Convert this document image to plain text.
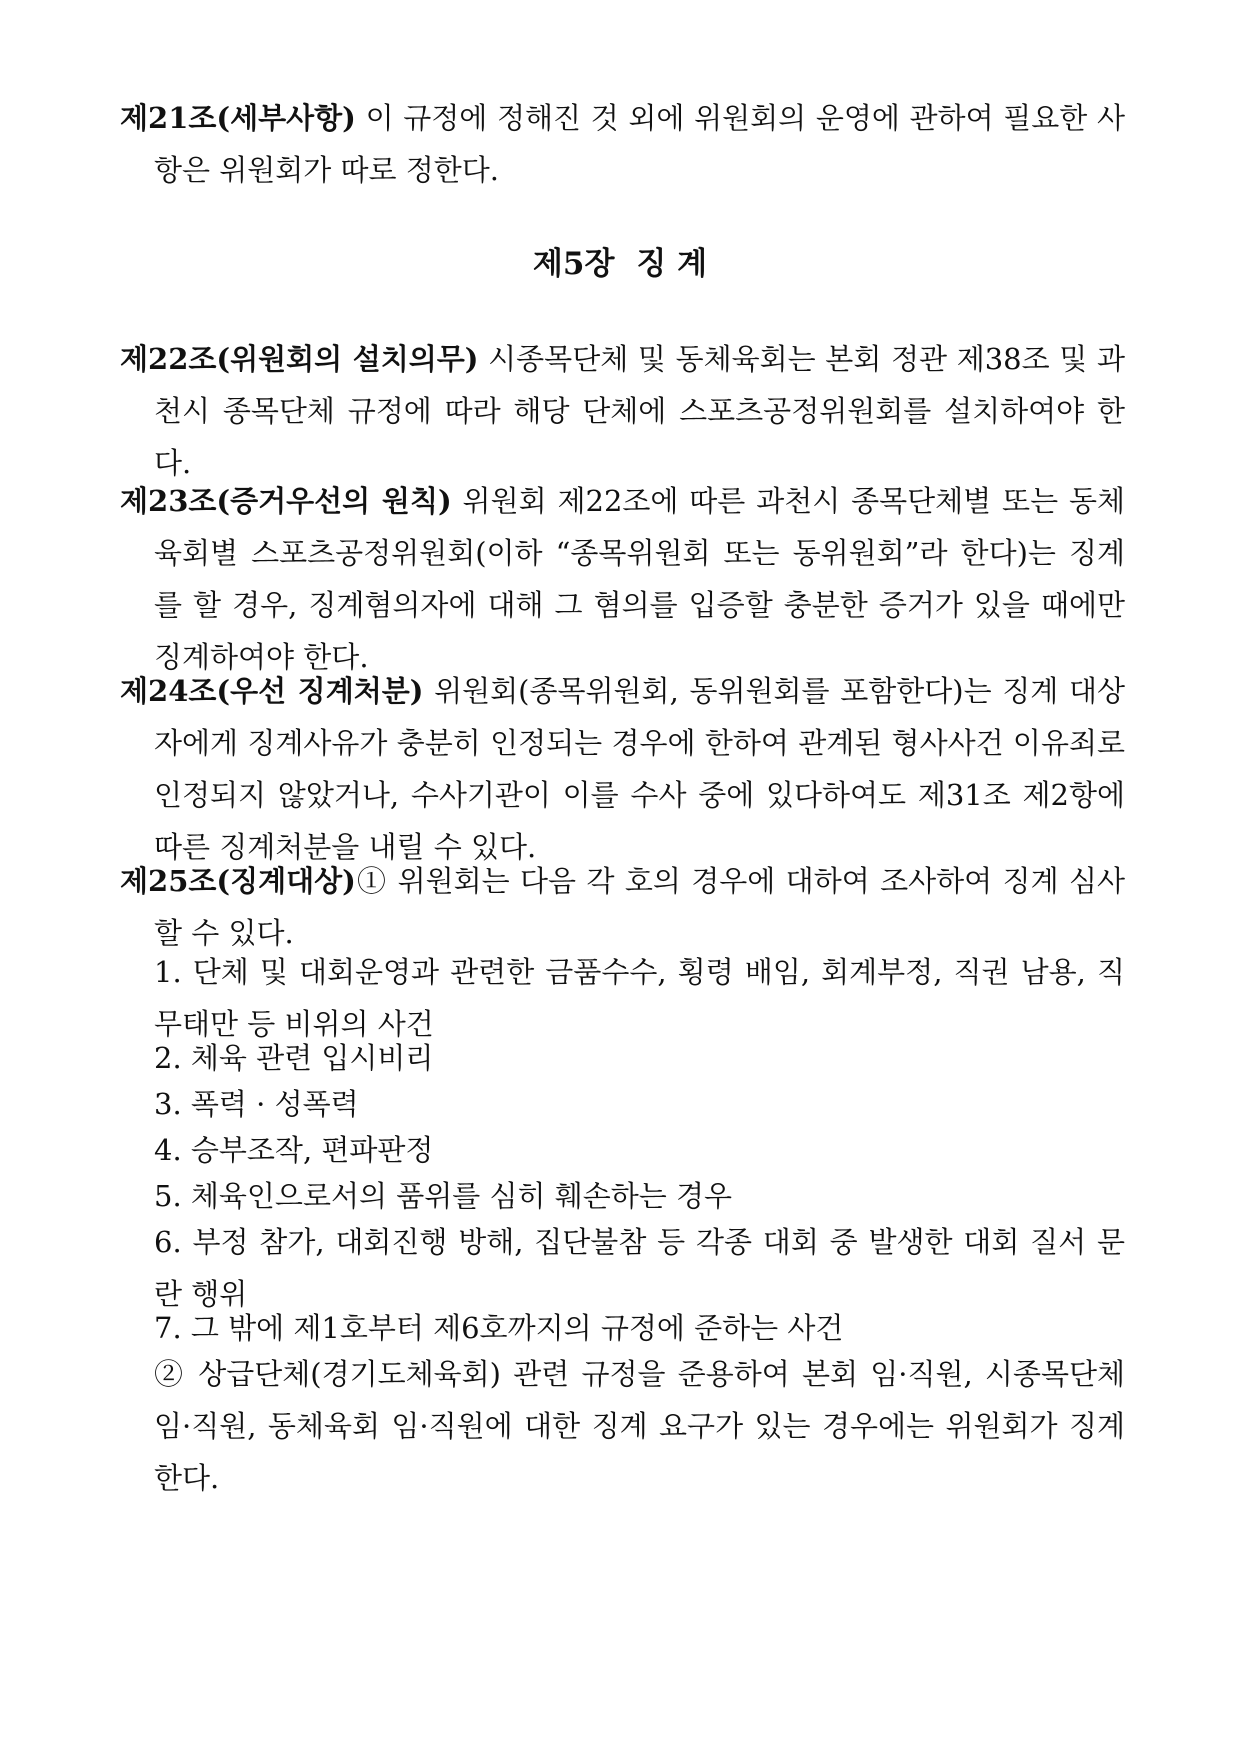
제21조(세부사항) 이 규정에 정해진 것 외에 위원회의 운영에 관하여 필요한 사항은 위원회가 따로 정한다.
제5장 징 계
제22조(위원회의 설치의무) 시종목단체 및 동체육회는 본회 정관 제38조 및 과천시 종목단체 규정에 따라 해당 단체에 스포츠공정위원회를 설치하여야 한다.
제23조(증거우선의 원칙) 위원회 제22조에 따른 과천시 종목단체별 또는 동체육회별 스포츠공정위원회(이하 “종목위원회 또는 동위원회”라 한다)는 징계를 할 경우, 징계혐의자에 대해 그 혐의를 입증할 충분한 증거가 있을 때에만 징계하여야 한다.
제24조(우선 징계처분) 위원회(종목위원회, 동위원회를 포함한다)는 징계 대상자에게 징계사유가 충분히 인정되는 경우에 한하여 관계된 형사사건 이유죄로 인정되지 않았거나, 수사기관이 이를 수사 중에 있다하여도 제31조 제2항에 따른 징계처분을 내릴 수 있다.
제25조(징계대상)① 위원회는 다음 각 호의 경우에 대하여 조사하여 징계 심사 할 수 있다.
1. 단체 및 대회운영과 관련한 금품수수, 횡령 배임, 회계부정, 직권 남용, 직무태만 등 비위의 사건
2. 체육 관련 입시비리
3. 폭력 · 성폭력
4. 승부조작, 편파판정
5. 체육인으로서의 품위를 심히 훼손하는 경우
6. 부정 참가, 대회진행 방해, 집단불참 등 각종 대회 중 발생한 대회 질서 문란 행위
7. 그 밖에 제1호부터 제6호까지의 규정에 준하는 사건
② 상급단체(경기도체육회) 관련 규정을 준용하여 본회 임·직원, 시종목단체 임·직원, 동체육회 임·직원에 대한 징계 요구가 있는 경우에는 위원회가 징계한다.
